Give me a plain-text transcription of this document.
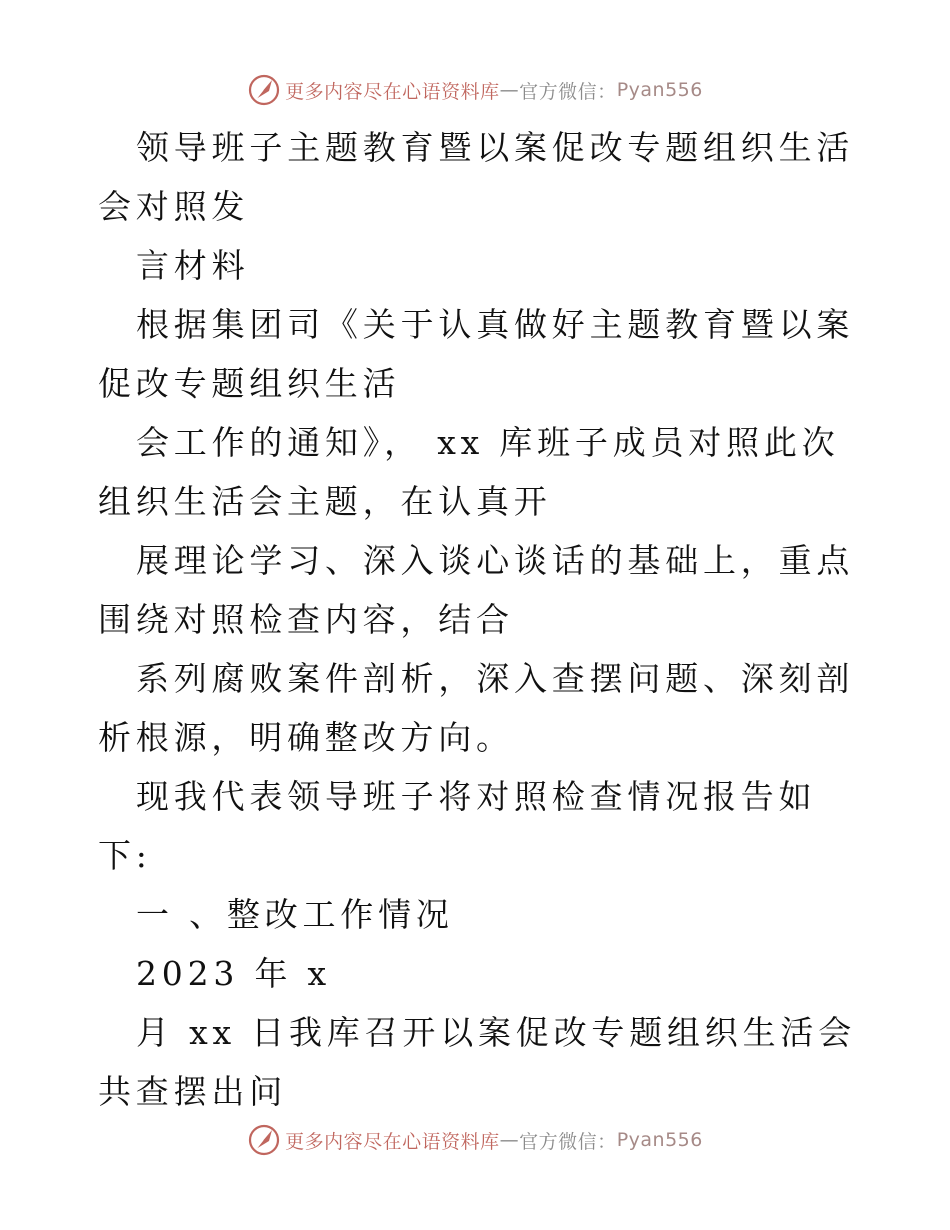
更多内容尽在心语资料库 — 官方微信： Pyan556

领导班子主题教育暨以案促改专题组织生活会对照发

言材料

根据集团司《关于认真做好主题教育暨以案促改专题组织生活

会工作的通知》， xx 库班子成员对照此次组织生活会主题，在认真开

展理论学习、深入谈心谈话的基础上，重点围绕对照检查内容，结合

系列腐败案件剖析，深入查摆问题、深刻剖析根源，明确整改方向。

现我代表领导班子将对照检查情况报告如下:

一 、整改工作情况

2023 年 x

月 xx 日我库召开以案促改专题组织生活会共查摆出问

更多内容尽在心语资料库 — 官方微信： Pyan556
